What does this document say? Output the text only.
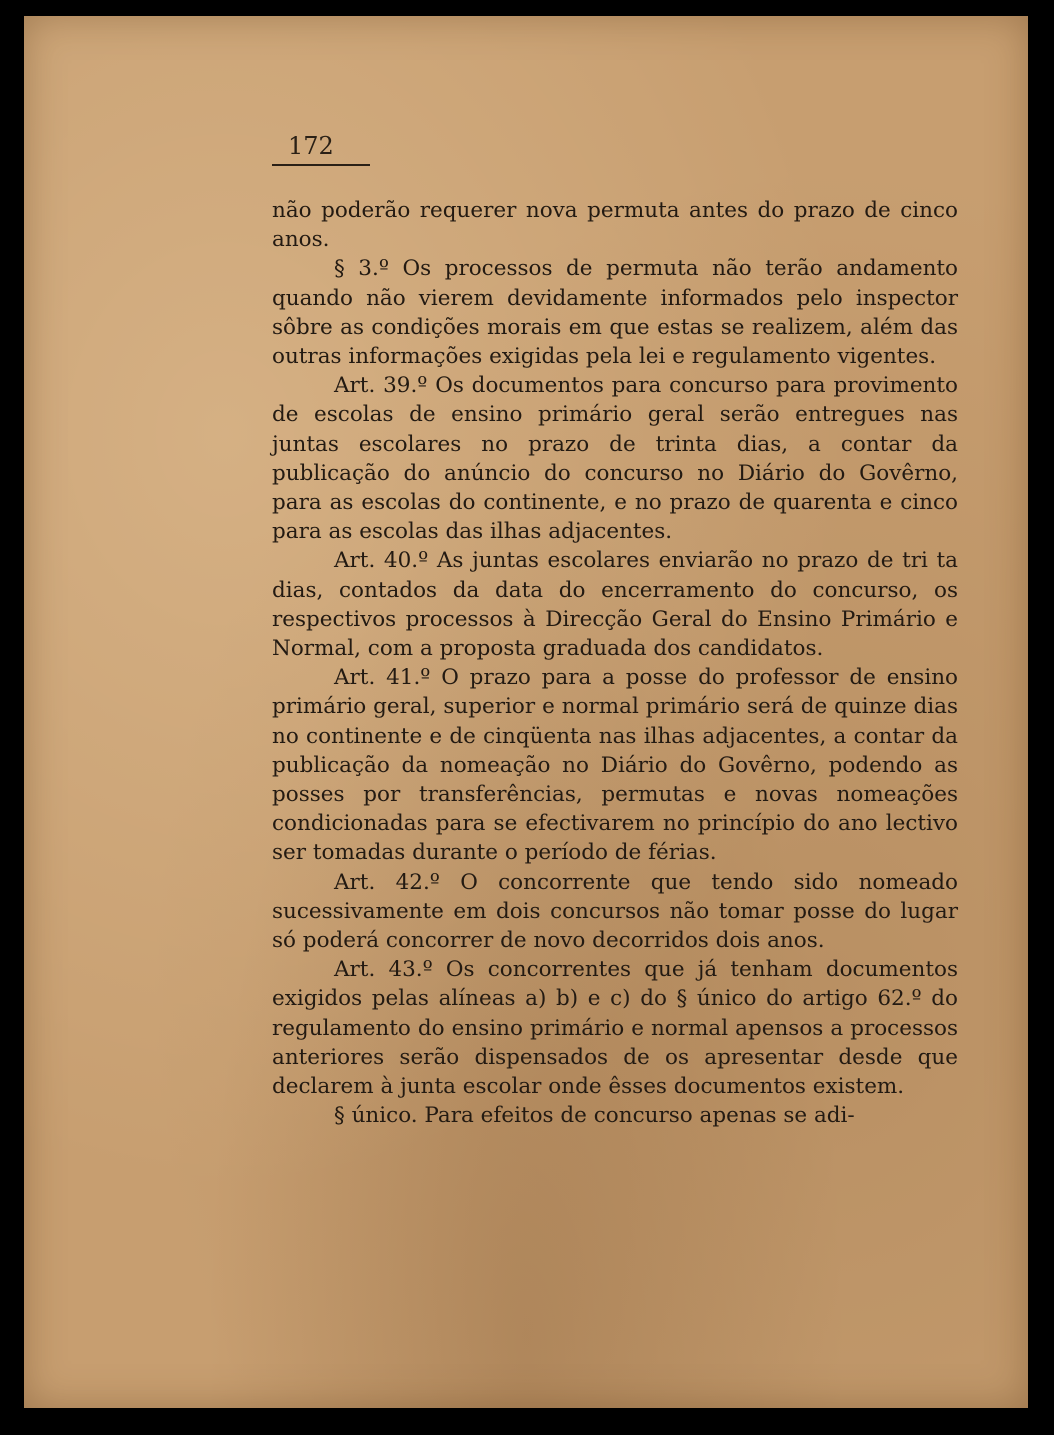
172

não poderão requerer nova permuta antes do prazo de cinco anos.

§ 3.º Os processos de permuta não terão andamento quando não vierem devidamente informados pelo inspector sôbre as condições morais em que estas se realizem, além das outras informações exigidas pela lei e regulamento vigentes.

Art. 39.º Os documentos para concurso para provimento de escolas de ensino primário geral serão entregues nas juntas escolares no prazo de trinta dias, a contar da publicação do anúncio do concurso no Diário do Govêrno, para as escolas do continente, e no prazo de quarenta e cinco para as escolas das ilhas adjacentes.

Art. 40.º As juntas escolares enviarão no prazo de tri ta dias, contados da data do encerramento do concurso, os respectivos processos à Direcção Geral do Ensino Primário e Normal, com a proposta graduada dos candidatos.

Art. 41.º O prazo para a posse do professor de ensino primário geral, superior e normal primário será de quinze dias no continente e de cinqüenta nas ilhas adjacentes, a contar da publicação da nomeação no Diário do Govêrno, podendo as posses por transferências, permutas e novas nomeações condicionadas para se efectivarem no princípio do ano lectivo ser tomadas durante o período de férias.

Art. 42.º O concorrente que tendo sido nomeado sucessivamente em dois concursos não tomar posse do lugar só poderá concorrer de novo decorridos dois anos.

Art. 43.º Os concorrentes que já tenham documentos exigidos pelas alíneas a) b) e c) do § único do artigo 62.º do regulamento do ensino primário e normal apensos a processos anteriores serão dispensados de os apresentar desde que declarem à junta escolar onde êsses documentos existem.

§ único. Para efeitos de concurso apenas se adi-
